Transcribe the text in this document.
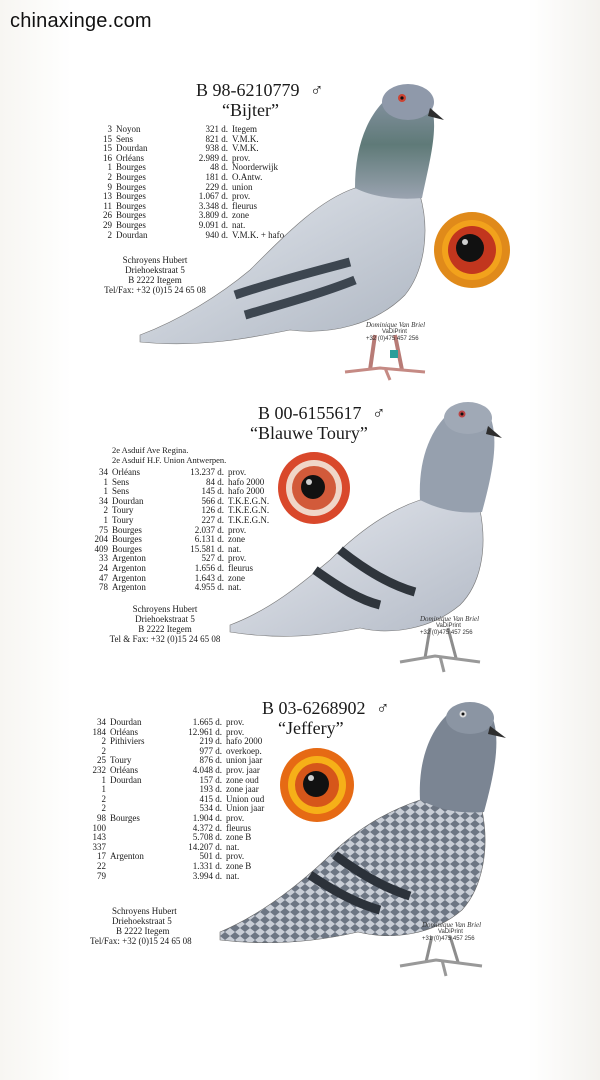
chinaxinge.com
B 98-6210779 ♂
“Bijter”
3	Noyon	321 d.	Itegem
15	Sens	821 d.	V.M.K.
15	Dourdan	938 d.	V.M.K.
16	Orléans	2.989 d.	prov.
1	Bourges	48 d.	Noorderwijk
2	Bourges	181 d.	O.Antw.
9	Bourges	229 d.	union
13	Bourges	1.067 d.	prov.
11	Bourges	3.348 d.	fleurus
26	Bourges	3.809 d.	zone
29	Bourges	9.091 d.	nat.
2	Dourdan	940 d.	V.M.K. + hafo
Schroyens Hubert
Driehoekstraat 5
B 2222 Itegem
Tel/Fax: +32 (0)15 24 65 08
Dominique Van Briel
VaDiPrint
+32 (0)475 457 256
B 00-6155617 ♂
“Blauwe Toury”
2e Asduif Ave Regina.
2e Asduif H.F. Union Antwerpen.
34	Orléans	13.237 d.	prov.
1	Sens	84 d.	hafo 2000
1	Sens	145 d.	hafo 2000
34	Dourdan	566 d.	T.K.E.G.N.
2	Toury	126 d.	T.K.E.G.N.
1	Toury	227 d.	T.K.E.G.N.
75	Bourges	2.037 d.	prov.
204	Bourges	6.131 d.	zone
409	Bourges	15.581 d.	nat.
33	Argenton	527 d.	prov.
24	Argenton	1.656 d.	fleurus
47	Argenton	1.643 d.	zone
78	Argenton	4.955 d.	nat.
Schroyens Hubert
Driehoekstraat 5
B 2222 Itegem
Tel & Fax: +32 (0)15 24 65 08
Dominique Van Briel
VaDiPrint
+32 (0)475 457 256
B 03-6268902 ♂
“Jeffery”
34	Dourdan	1.665 d.	prov.
184	Orléans	12.961 d.	prov.
2	Pithiviers	219 d.	hafo 2000
2		977 d.	overkoep.
25	Toury	876 d.	union jaar
232	Orléans	4.048 d.	prov. jaar
1	Dourdan	157 d.	zone oud
1		193 d.	zone jaar
2		415 d.	Union oud
2		534 d.	Union jaar
98	Bourges	1.904 d.	prov.
100		4.372 d.	fleurus
143		5.708 d.	zone B
337		14.207 d.	nat.
17	Argenton	501 d.	prov.
22		1.331 d.	zone B
79		3.994 d.	nat.
Schroyens Hubert
Driehoekstraat 5
B 2222 Itegem
Tel/Fax: +32 (0)15 24 65 08
Dominique Van Briel
VaDiPrint
+31 (0)475 457 256
